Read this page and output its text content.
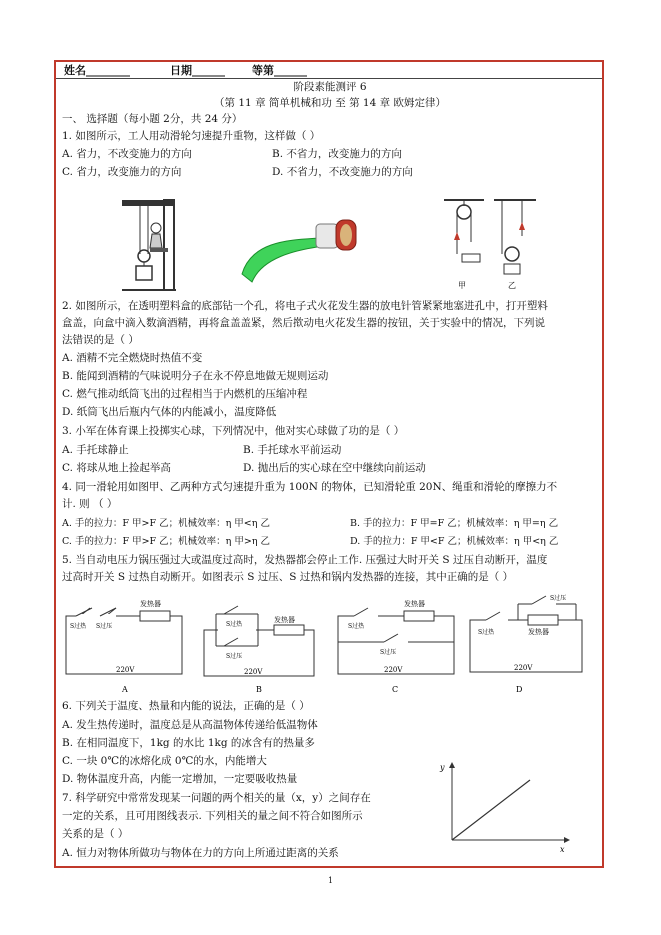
姓名________	日期______ 等第______
阶段素能测评 6
（第 11 章 简单机械和功 至 第 14 章 欧姆定律）
一、 选择题（每小题 2分，共 24 分）
1. 如图所示，工人用动滑轮匀速提升重物，这样做（ ）
A. 省力，不改变施力的方向	B. 不省力，改变施力的方向
C. 省力，改变施力的方向	D. 不省力，不改变施力的方向
甲	乙
2. 如图所示，在透明塑料盒的底部钻一个孔，将电子式火花发生器的放电针管紧紧地塞进孔中，打开塑料
盒盖，向盒中滴入数滴酒精，再将盒盖盖紧，然后揿动电火花发生器的按钮，关于实验中的情况，下列说
法错误的是（ ）
A. 酒精不完全燃烧时热值不变
B. 能闻到酒精的气味说明分子在永不停息地做无规则运动
C. 燃气推动纸筒飞出的过程相当于内燃机的压缩冲程
D. 纸筒飞出后瓶内气体的内能减小，温度降低
3. 小军在体育课上投掷实心球，下列情况中，他对实心球做了功的是（ ）
A. 手托球静止	B. 手托球水平前运动
C. 将球从地上捡起举高	D. 抛出后的实心球在空中继续向前运动
4. 同一滑轮用如图甲、乙两种方式匀速提升重为 100N 的物体，已知滑轮重 20N、绳重和滑轮的摩擦力不
计. 则 （ ）
A. 手的拉力：F 甲>F 乙；机械效率：η 甲<η 乙	B. 手的拉力：F 甲=F 乙；机械效率：η 甲=η 乙
C. 手的拉力：F 甲>F 乙；机械效率：η 甲>η 乙	D. 手的拉力：F 甲<F 乙；机械效率：η 甲<η 乙
5. 当自动电压力锅压强过大或温度过高时，发热器都会停止工作. 压强过大时开关 S 过压自动断开，温度
过高时开关 S 过热自动断开。如图表示 S 过压、S 过热和锅内发热器的连接，其中正确的是（ ）
发热器
S过热 S过压
220V
A
发热器
S过热
S过压
220V
B
发热器
S过热
S过压
220V
C
发热器
S过热
S过压
220V
D
6. 下列关于温度、热量和内能的说法，正确的是（ ）
A. 发生热传递时，温度总是从高温物体传递给低温物体
B. 在相同温度下，1kg 的水比 1kg 的冰含有的热量多
C. 一块 0℃的冰熔化成 0℃的水，内能增大
D. 物体温度升高，内能一定增加，一定要吸收热量
7. 科学研究中常常发现某一问题的两个相关的量（x，y）之间存在
一定的关系，且可用图线表示. 下列相关的量之间不符合如图所示
关系的是（ ）
A. 恒力对物体所做功与物体在力的方向上所通过距离的关系
y
x
1
